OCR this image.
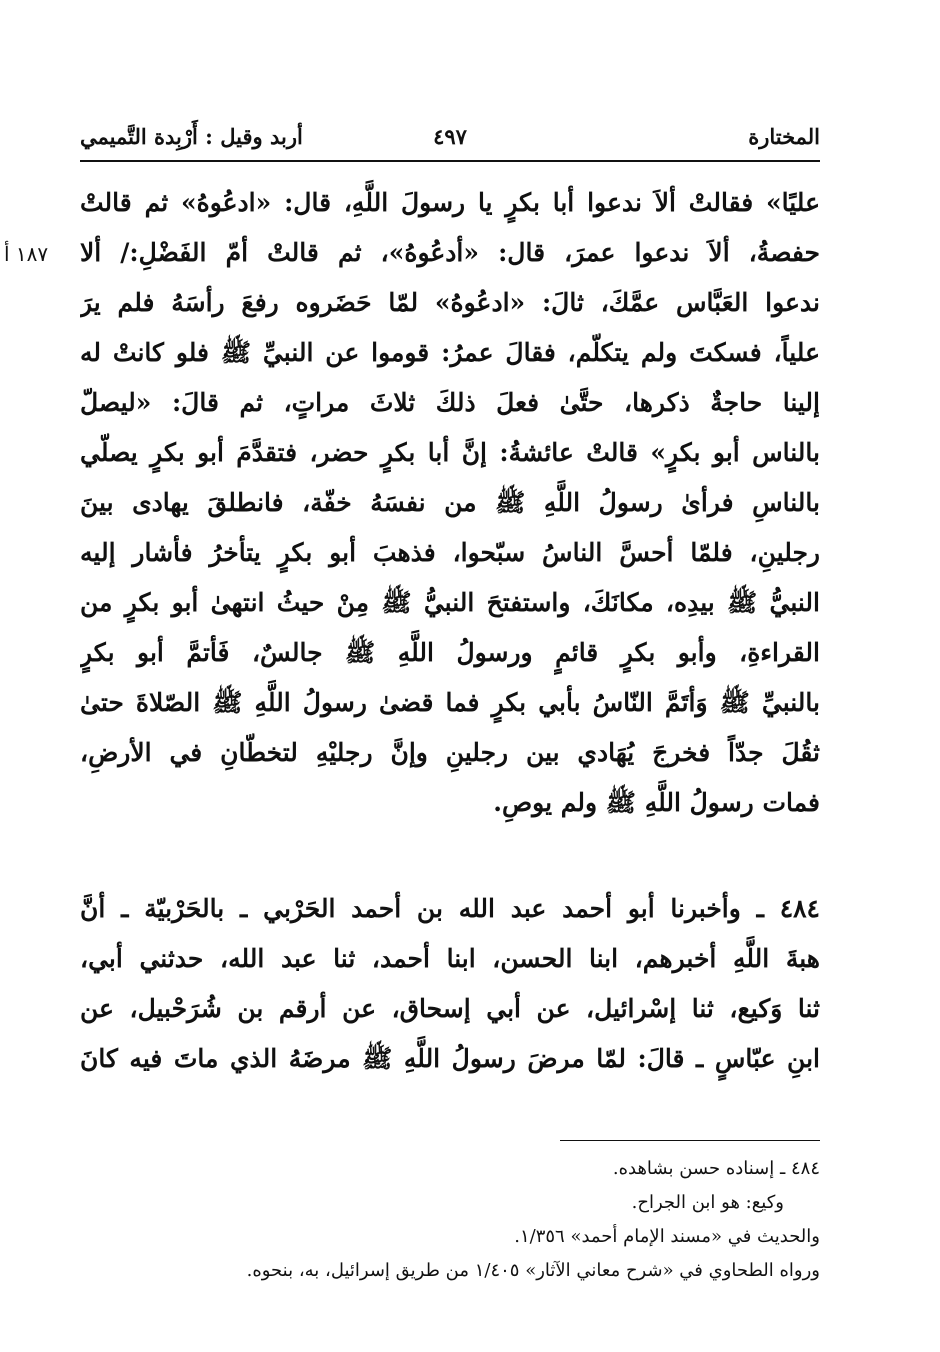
المختارة
٤٩٧
أربد وقيل : أَرْبِدة التَّميمي
١٨٧ أ
عليًا» فقالتْ ألاَ ندعوا أبا بكرٍ يا رسولَ اللَّهِ، قال: «ادعُوهُ» ثم قالتْ
حفصةُ، ألاَ ندعوا عمرَ، قال: «أدعُوهُ»، ثم قالتْ أمّ الفَضْلِ:/ ألا
ندعوا العَبَّاس عمَّكَ، ثالَ: «ادعُوهُ» لمّا حَضَروه رفعَ رأسَهُ فلم يرَ
علياً، فسكتَ ولم يتكلّم، فقالَ عمرُ: قوموا عن النبيِّ ﷺ فلو كانتْ له
إلينا حاجةٌ ذكرها، حتَّىٰ فعلَ ذلكَ ثلاثَ مراتٍ، ثم قالَ: «ليصلّ
بالناس أبو بكرٍ» قالتْ عائشةُ: إنَّ أبا بكرٍ حضر، فتقدَّمَ أبو بكرٍ يصلّي
بالناسِ فرأىٰ رسولُ اللَّهِ ﷺ من نفسَهُ خفّة، فانطلقَ يهادى بينَ
رجلينِ، فلمّا أحسَّ الناسُ سبّحوا، فذهبَ أبو بكرٍ يتأخرُ فأشار إليه
النبيُّ ﷺ بيدِه، مكانَكَ، واستفتحَ النبيُّ ﷺ مِنْ حيثُ انتهىٰ أبو بكرٍ من
القراءةِ، وأبو بكرٍ قائمٍ ورسولُ اللَّهِ ﷺ جالسٌ، فَأتمَّ أبو بكرٍ
بالنبيِّ ﷺ وَأتَمَّ النّاسُ بأبي بكرٍ فما قضىٰ رسولُ اللَّهِ ﷺ الصّلاةَ حتىٰ
ثقُلَ جدّاً فخرجَ يُهَادي بين رجلينِ وإنَّ رجليْهِ لتخطّانِ في الأرضِ،
فمات رسولُ اللَّهِ ﷺ ولم يوصِ.
٤٨٤ ـ وأخبرنا أبو أحمد عبد الله بن أحمد الحَرْبي ـ بالحَرْبيّة ـ أنَّ
هبةَ اللَّهِ أخبرهم، ابنا الحسن، ابنا أحمد، ثنا عبد الله، حدثني أبي،
ثنا وَكيع، ثنا إسْرائيل، عن أبي إسحاق، عن أرقم بن شُرَحْبيل، عن
ابنِ عبّاسٍ ـ قالَ: لمّا مرضَ رسولُ اللَّهِ ﷺ مرضَهُ الذي ماتَ فيه كانَ
٤٨٤ ـ إسناده حسن بشاهده.
وكيع: هو ابن الجراح.
والحديث في «مسند الإمام أحمد» ١/٣٥٦.
ورواه الطحاوي في «شرح معاني الآثار» ١/٤٠٥ من طريق إسرائيل، به، بنحوه.
